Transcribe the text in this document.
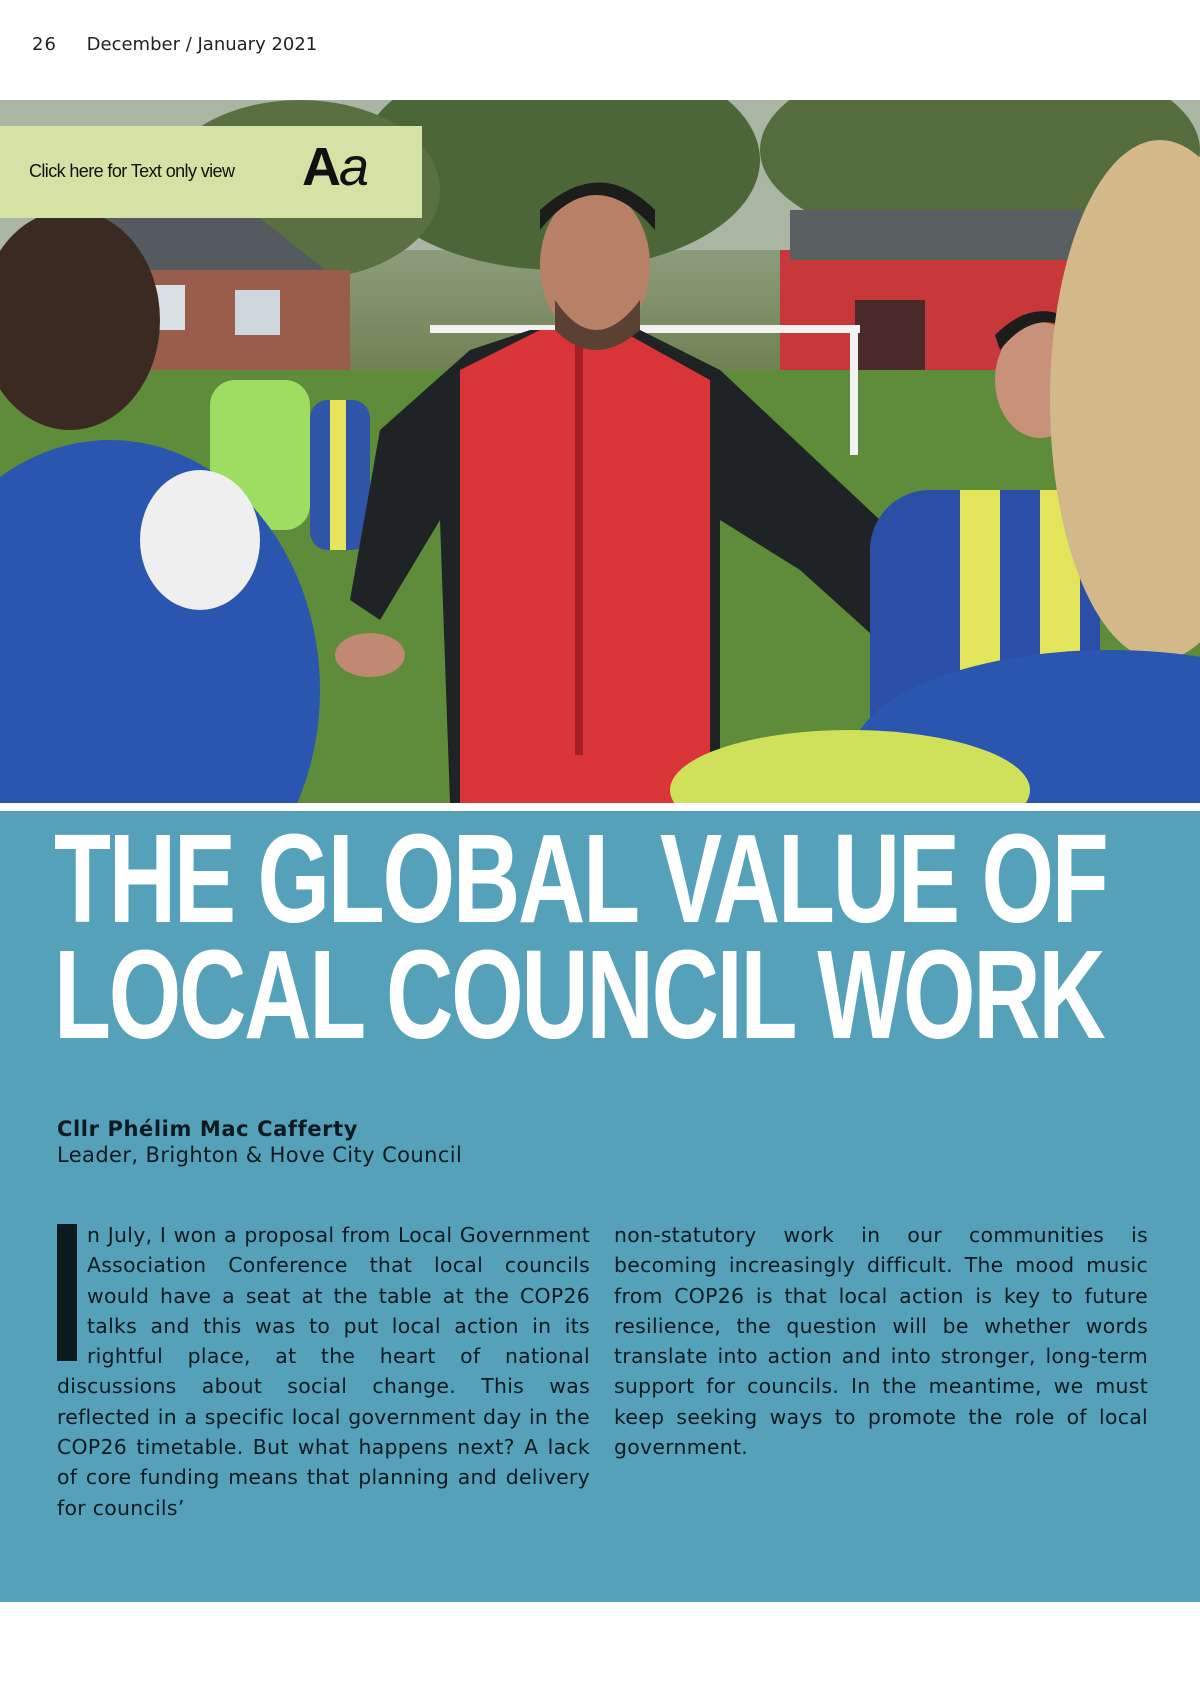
26 December / January 2021
Click here for Text only view Aa
THE GLOBAL VALUE OF
LOCAL COUNCIL WORK
Cllr Phélim Mac Cafferty
Leader, Brighton & Hove City Council
n July, I won a proposal from Local Government Association Conference that local councils would have a seat at the table at the COP26 talks and this was to put local action in its rightful place, at the heart of national discussions about social change. This was reflected in a specific local government day in the COP26 timetable. But what happens next? A lack of core funding means that planning and delivery for councils’
non-statutory work in our communities is becoming increasingly difficult. The mood music from COP26 is that local action is key to future resilience, the question will be whether words translate into action and into stronger, long-term support for councils. In the meantime, we must keep seeking ways to promote the role of local government.
